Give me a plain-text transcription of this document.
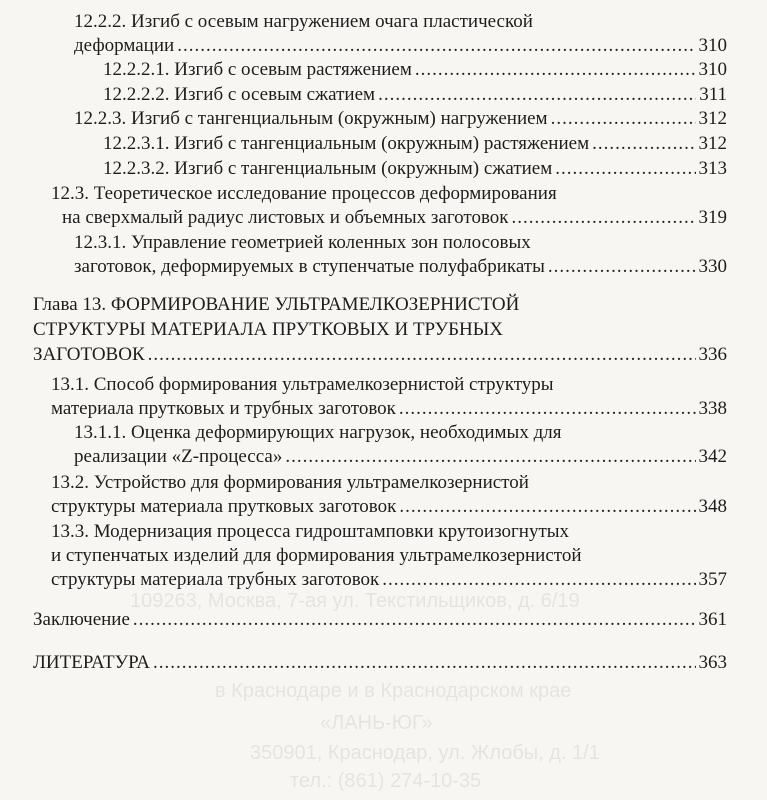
109263, Москва, 7-ая ул. Текстильщиков, д. 6/19
в Краснодаре и в Краснодарском крае
«ЛАНЬ-ЮГ»
350901, Краснодар, ул. Жлобы, д. 1/1
тел.: (861) 274-10-35
12.2.2. Изгиб с осевым нагружением очага пластической
деформации .....	310
12.2.2.1. Изгиб с осевым растяжением .....	310
12.2.2.2. Изгиб с осевым сжатием .....	311
12.2.3. Изгиб с тангенциальным (окружным) нагружением .....	312
12.2.3.1. Изгиб с тангенциальным (окружным) растяжением .....	312
12.2.3.2. Изгиб с тангенциальным (окружным) сжатием .....	313
12.3. Теоретическое исследование процессов деформирования
на сверхмалый радиус листовых и объемных заготовок .....	319
12.3.1. Управление геометрией коленных зон полосовых
заготовок, деформируемых в ступенчатые полуфабрикаты .....	330
Глава 13. ФОРМИРОВАНИЕ УЛЬТРАМЕЛКОЗЕРНИСТОЙ
СТРУКТУРЫ МАТЕРИАЛА ПРУТКОВЫХ И ТРУБНЫХ
ЗАГОТОВОК .....	336
13.1. Способ формирования ультрамелкозернистой структуры
материала прутковых и трубных заготовок .....	338
13.1.1. Оценка деформирующих нагрузок, необходимых для
реализации «Z-процесса» .....	342
13.2. Устройство для формирования ультрамелкозернистой
структуры материала прутковых заготовок .....	348
13.3. Модернизация процесса гидроштамповки крутоизогнутых
и ступенчатых изделий для формирования ультрамелкозернистой
структуры материала трубных заготовок .....	357
Заключение .....	361
ЛИТЕРАТУРА .....	363
